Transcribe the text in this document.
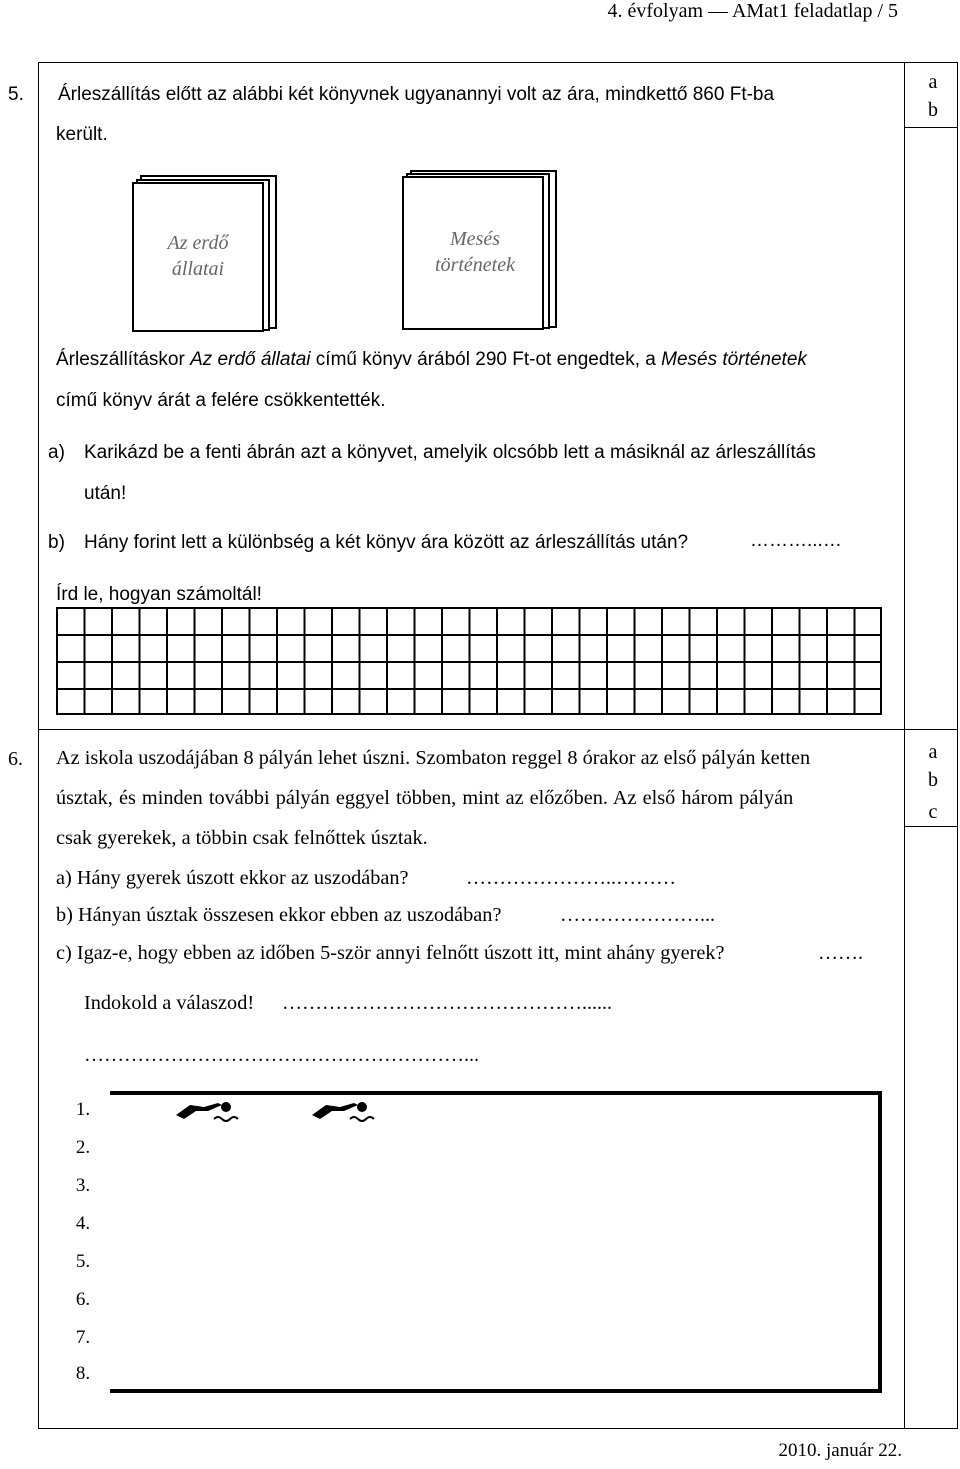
4. évfolyam — AMat1 feladatlap / 5
a
b
5. Árleszállítás előtt az alábbi két könyvnek ugyanannyi volt az ára, mindkettő 860 Ft-ba
került.
Az erdő
állatai
Mesés
történetek
Árleszállításkor Az erdő állatai című könyv árából 290 Ft-ot engedtek, a Mesés történetek
című könyv árát a felére csökkentették.
a) Karikázd be a fenti ábrán azt a könyvet, amelyik olcsóbb lett a másiknál az árleszállítás
után!
b) Hány forint lett a különbség a két könyv ára között az árleszállítás után?	………...…
Írd le, hogyan számoltál!
a
b
c
6. Az iskola uszodájában 8 pályán lehet úszni. Szombaton reggel 8 órakor az első pályán ketten
úsztak, és minden további pályán eggyel többen, mint az előzőben. Az első három pályán
csak gyerekek, a többin csak felnőttek úsztak.
a) Hány gyerek úszott ekkor az uszodában?	…………………..………
b) Hányan úsztak összesen ekkor ebben az uszodában?	…………………...
c) Igaz-e, hogy ebben az időben 5-ször annyi felnőtt úszott itt, mint ahány gyerek?	…….
Indokold a válaszod! ………………………………………......
…………………………………………………...
1.
2.
3.
4.
5.
6.
7.
8.
2010. január 22.
